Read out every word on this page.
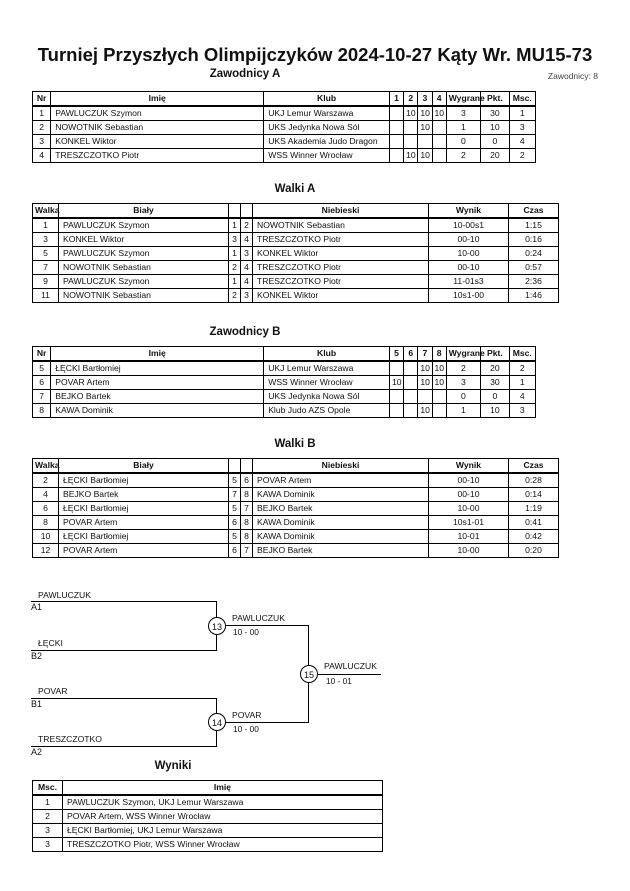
Turniej Przyszłych Olimpijczyków 2024-10-27 Kąty Wr. MU15-73
Zawodnicy: 8
Zawodnicy A
Nr	Imię	Klub	1	2	3	4	Wygrane	Pkt.	Msc.
1	PAWLUCZUK Szymon	UKJ Lemur Warszawa		10	10	10	3	30	1
2	NOWOTNIK Sebastian	UKS Jedynka Nowa Sól			10		1	10	3
3	KONKEL Wiktor	UKS Akademia Judo Dragon					0	0	4
4	TRESZCZOTKO Piotr	WSS Winner Wrocław		10	10		2	20	2
Walki A
Walka	Biały			Niebieski	Wynik	Czas
1	PAWLUCZUK Szymon	1	2	NOWOTNIK Sebastian	10-00s1	1:15
3	KONKEL Wiktor	3	4	TRESZCZOTKO Piotr	00-10	0:16
5	PAWLUCZUK Szymon	1	3	KONKEL Wiktor	10-00	0:24
7	NOWOTNIK Sebastian	2	4	TRESZCZOTKO Piotr	00-10	0:57
9	PAWLUCZUK Szymon	1	4	TRESZCZOTKO Piotr	11-01s3	2:36
11	NOWOTNIK Sebastian	2	3	KONKEL Wiktor	10s1-00	1:46
Zawodnicy B
Nr	Imię	Klub	5	6	7	8	Wygrane	Pkt.	Msc.
5	ŁĘCKI Bartłomiej	UKJ Lemur Warszawa			10	10	2	20	2
6	POVAR Artem	WSS Winner Wrocław	10		10	10	3	30	1
7	BEJKO Bartek	UKS Jedynka Nowa Sól					0	0	4
8	KAWA Dominik	Klub Judo AZS Opole			10		1	10	3
Walki B
Walka	Biały			Niebieski	Wynik	Czas
2	ŁĘCKI Bartłomiej	5	6	POVAR Artem	00-10	0:28
4	BEJKO Bartek	7	8	KAWA Dominik	00-10	0:14
6	ŁĘCKI Bartłomiej	5	7	BEJKO Bartek	10-00	1:19
8	POVAR Artem	6	8	KAWA Dominik	10s1-01	0:41
10	ŁĘCKI Bartłomiej	5	8	KAWA Dominik	10-01	0:42
12	POVAR Artem	6	7	BEJKO Bartek	10-00	0:20
PAWLUCZUK
A1
ŁĘCKI
B2
13
PAWLUCZUK
10 - 00
POVAR
B1
TRESZCZOTKO
A2
14
POVAR
10 - 00
15
PAWLUCZUK
10 - 01
Wyniki
Msc.	Imię
1	PAWLUCZUK Szymon, UKJ Lemur Warszawa
2	POVAR Artem, WSS Winner Wrocław
3	ŁĘCKI Bartłomiej, UKJ Lemur Warszawa
3	TRESZCZOTKO Piotr, WSS Winner Wrocław
